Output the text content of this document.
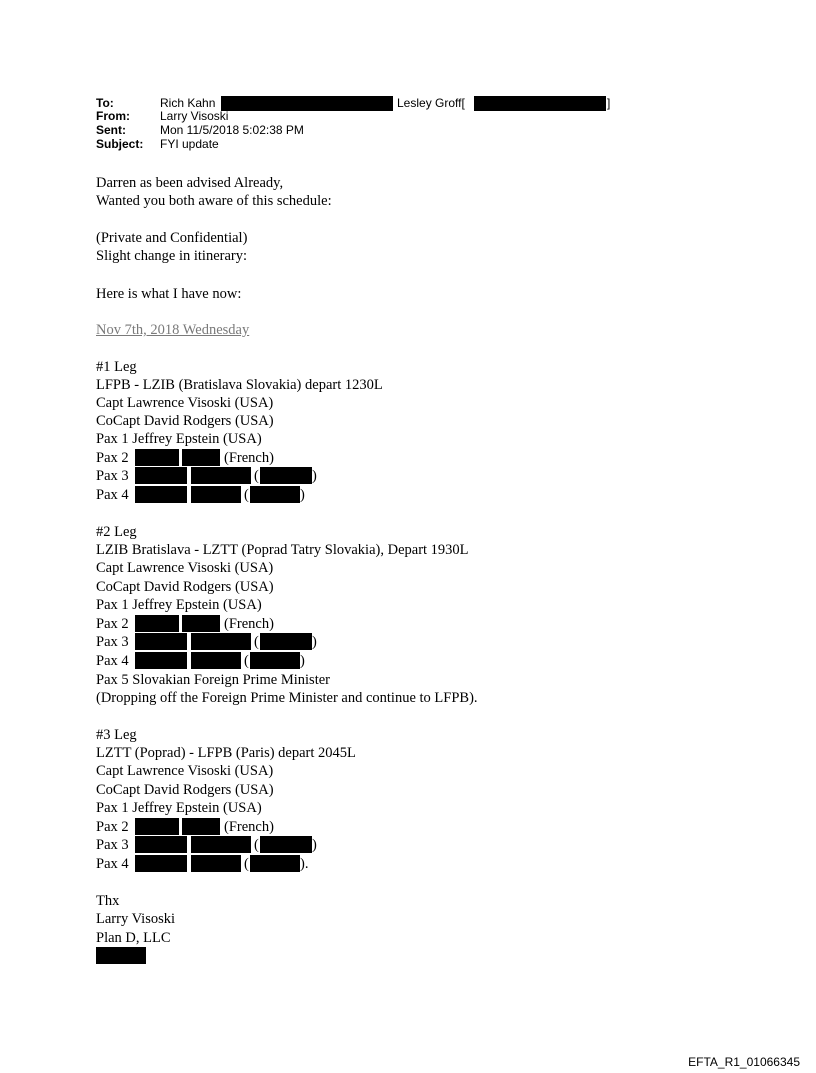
To:	Rich Kahn	Lesley Groff[	]
From:	Larry Visoski
Sent:	Mon 11/5/2018 5:02:38 PM
Subject: FYI update
Darren as been advised Already,
Wanted you both aware of this schedule:
(Private and Confidential)
Slight change in itinerary:
Here is what I have now:
Nov 7th, 2018 Wednesday
#1 Leg
LFPB - LZIB (Bratislava Slovakia) depart 1230L
Capt Lawrence Visoski (USA)
CoCapt David Rodgers (USA)
Pax 1 Jeffrey Epstein (USA)
Pax 2	(French)
Pax 3	(	)
Pax 4	(	)
#2 Leg
LZIB Bratislava - LZTT (Poprad Tatry Slovakia), Depart 1930L
Capt Lawrence Visoski (USA)
CoCapt David Rodgers (USA)
Pax 1 Jeffrey Epstein (USA)
Pax 2	(French)
Pax 3	(	)
Pax 4	(	)
Pax 5 Slovakian Foreign Prime Minister
(Dropping off the Foreign Prime Minister and continue to LFPB).
#3 Leg
LZTT (Poprad) - LFPB (Paris) depart 2045L
Capt Lawrence Visoski (USA)
CoCapt David Rodgers (USA)
Pax 1 Jeffrey Epstein (USA)
Pax 2	(French)
Pax 3	(	)
Pax 4	(	).
Thx
Larry Visoski
Plan D, LLC
EFTA_R1_01066345
